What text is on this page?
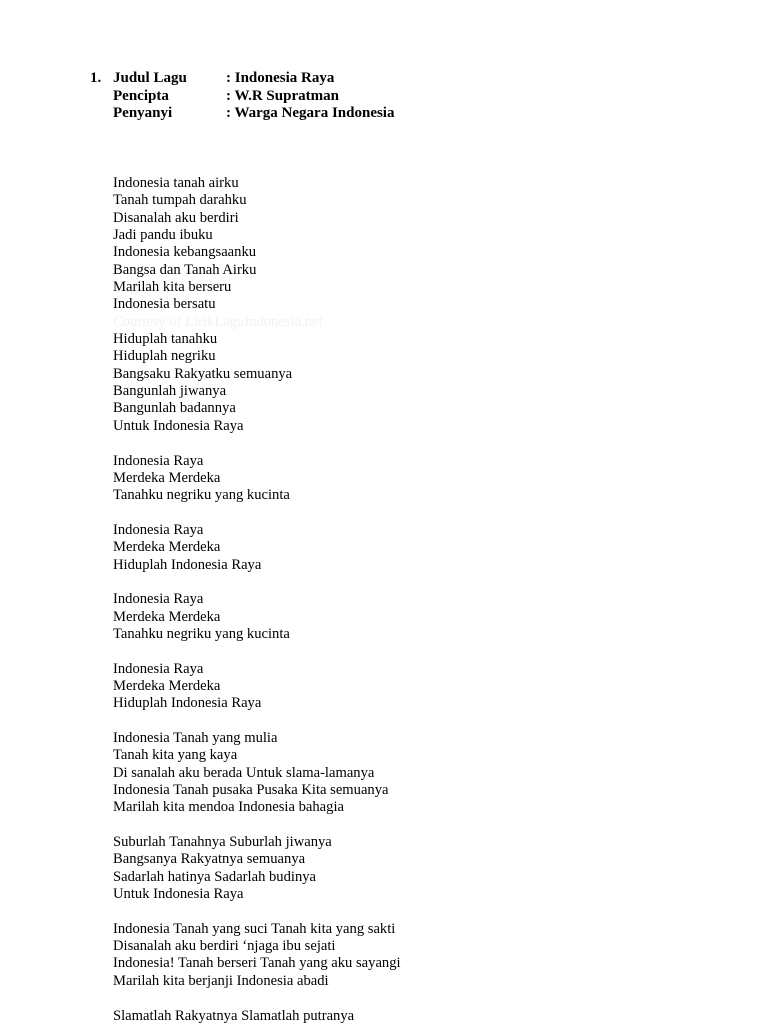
1. Judul Lagu	: Indonesia Raya
Pencipta	: W.R Supratman
Penyanyi	: Warga Negara Indonesia
Indonesia tanah airku
Tanah tumpah darahku
Disanalah aku berdiri
Jadi pandu ibuku
Indonesia kebangsaanku
Bangsa dan Tanah Airku
Marilah kita berseru
Indonesia bersatu
Courtesy of LirikLaguIndonesia.net
Hiduplah tanahku
Hiduplah negriku
Bangsaku Rakyatku semuanya
Bangunlah jiwanya
Bangunlah badannya
Untuk Indonesia Raya
Indonesia Raya
Merdeka Merdeka
Tanahku negriku yang kucinta
Indonesia Raya
Merdeka Merdeka
Hiduplah Indonesia Raya
Indonesia Raya
Merdeka Merdeka
Tanahku negriku yang kucinta
Indonesia Raya
Merdeka Merdeka
Hiduplah Indonesia Raya
Indonesia Tanah yang mulia
Tanah kita yang kaya
Di sanalah aku berada Untuk slama-lamanya
Indonesia Tanah pusaka Pusaka Kita semuanya
Marilah kita mendoa Indonesia bahagia
Suburlah Tanahnya Suburlah jiwanya
Bangsanya Rakyatnya semuanya
Sadarlah hatinya Sadarlah budinya
Untuk Indonesia Raya
Indonesia Tanah yang suci Tanah kita yang sakti
Disanalah aku berdiri ‘njaga ibu sejati
Indonesia! Tanah berseri Tanah yang aku sayangi
Marilah kita berjanji Indonesia abadi
Slamatlah Rakyatnya Slamatlah putranya
